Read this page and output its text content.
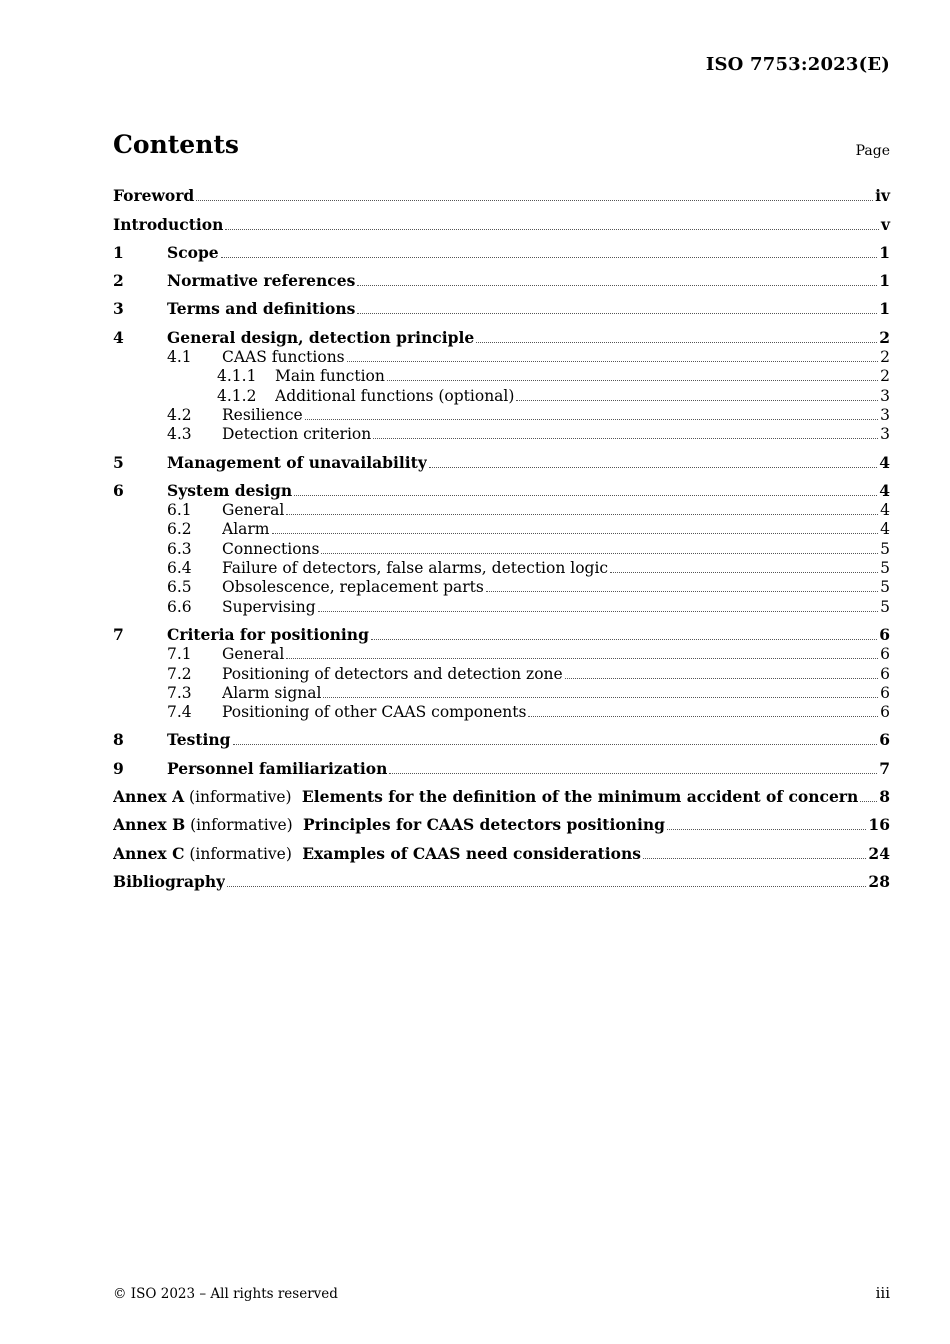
ISO 7753:2023(E)
Contents	Page
Foreword	iv
Introduction	v
1	Scope	1
2	Normative references	1
3	Terms and definitions	1
4	General design, detection principle	2
4.1	CAAS functions	2
4.1.1	Main function	2
4.1.2	Additional functions (optional)	3
4.2	Resilience	3
4.3	Detection criterion	3
5	Management of unavailability	4
6	System design	4
6.1	General	4
6.2	Alarm	4
6.3	Connections	5
6.4	Failure of detectors, false alarms, detection logic	5
6.5	Obsolescence, replacement parts	5
6.6	Supervising	5
7	Criteria for positioning	6
7.1	General	6
7.2	Positioning of detectors and detection zone	6
7.3	Alarm signal	6
7.4	Positioning of other CAAS components	6
8	Testing	6
9	Personnel familiarization	7
Annex A (informative)  Elements for the definition of the minimum accident of concern 8
Annex B (informative)  Principles for CAAS detectors positioning	16
Annex C (informative)  Examples of CAAS need considerations	24
Bibliography	28
© ISO 2023 – All rights reserved	iii
